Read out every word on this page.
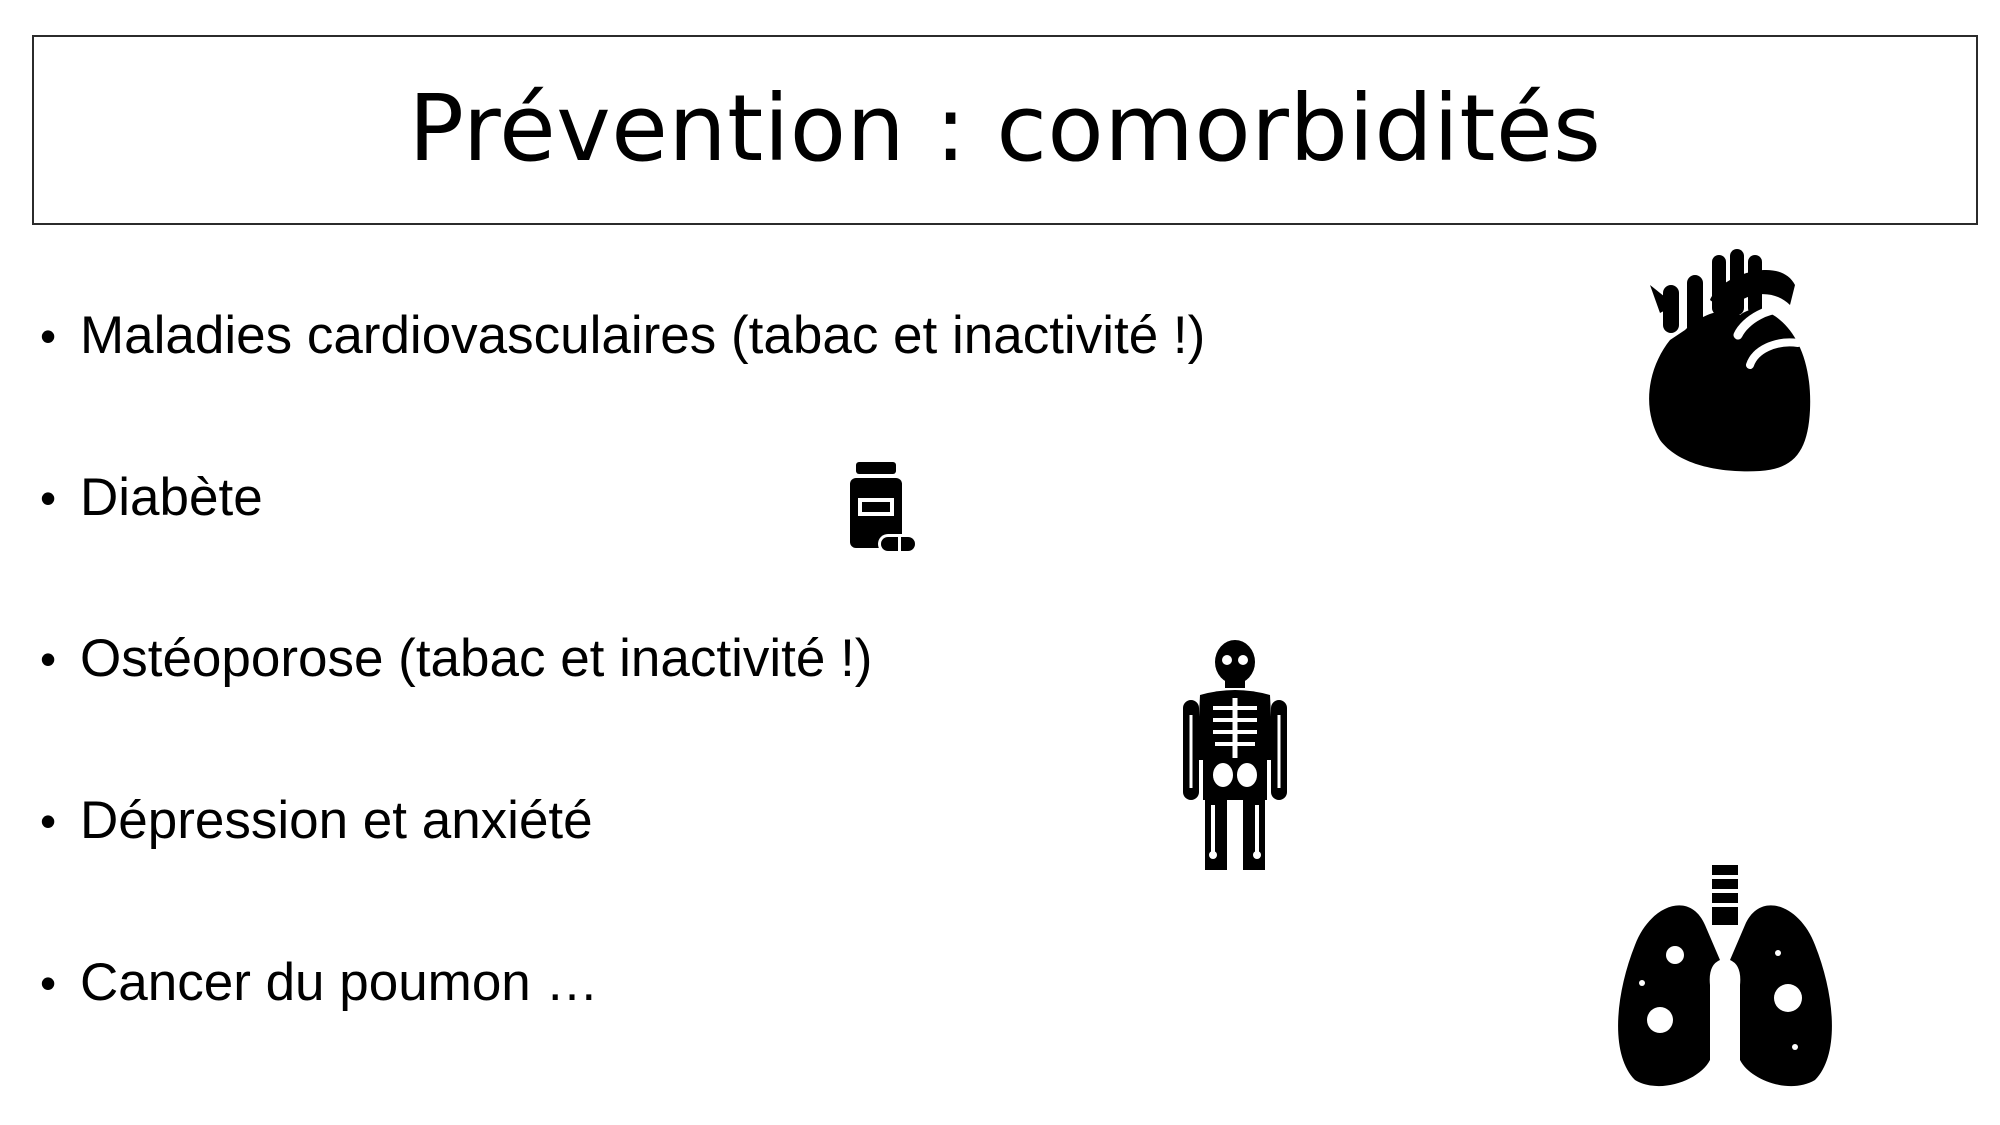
Prévention : comorbidités
• Maladies cardiovasculaires (tabac et inactivité !)
• Diabète
• Ostéoporose (tabac et inactivité !)
• Dépression et anxiété
• Cancer du poumon …
